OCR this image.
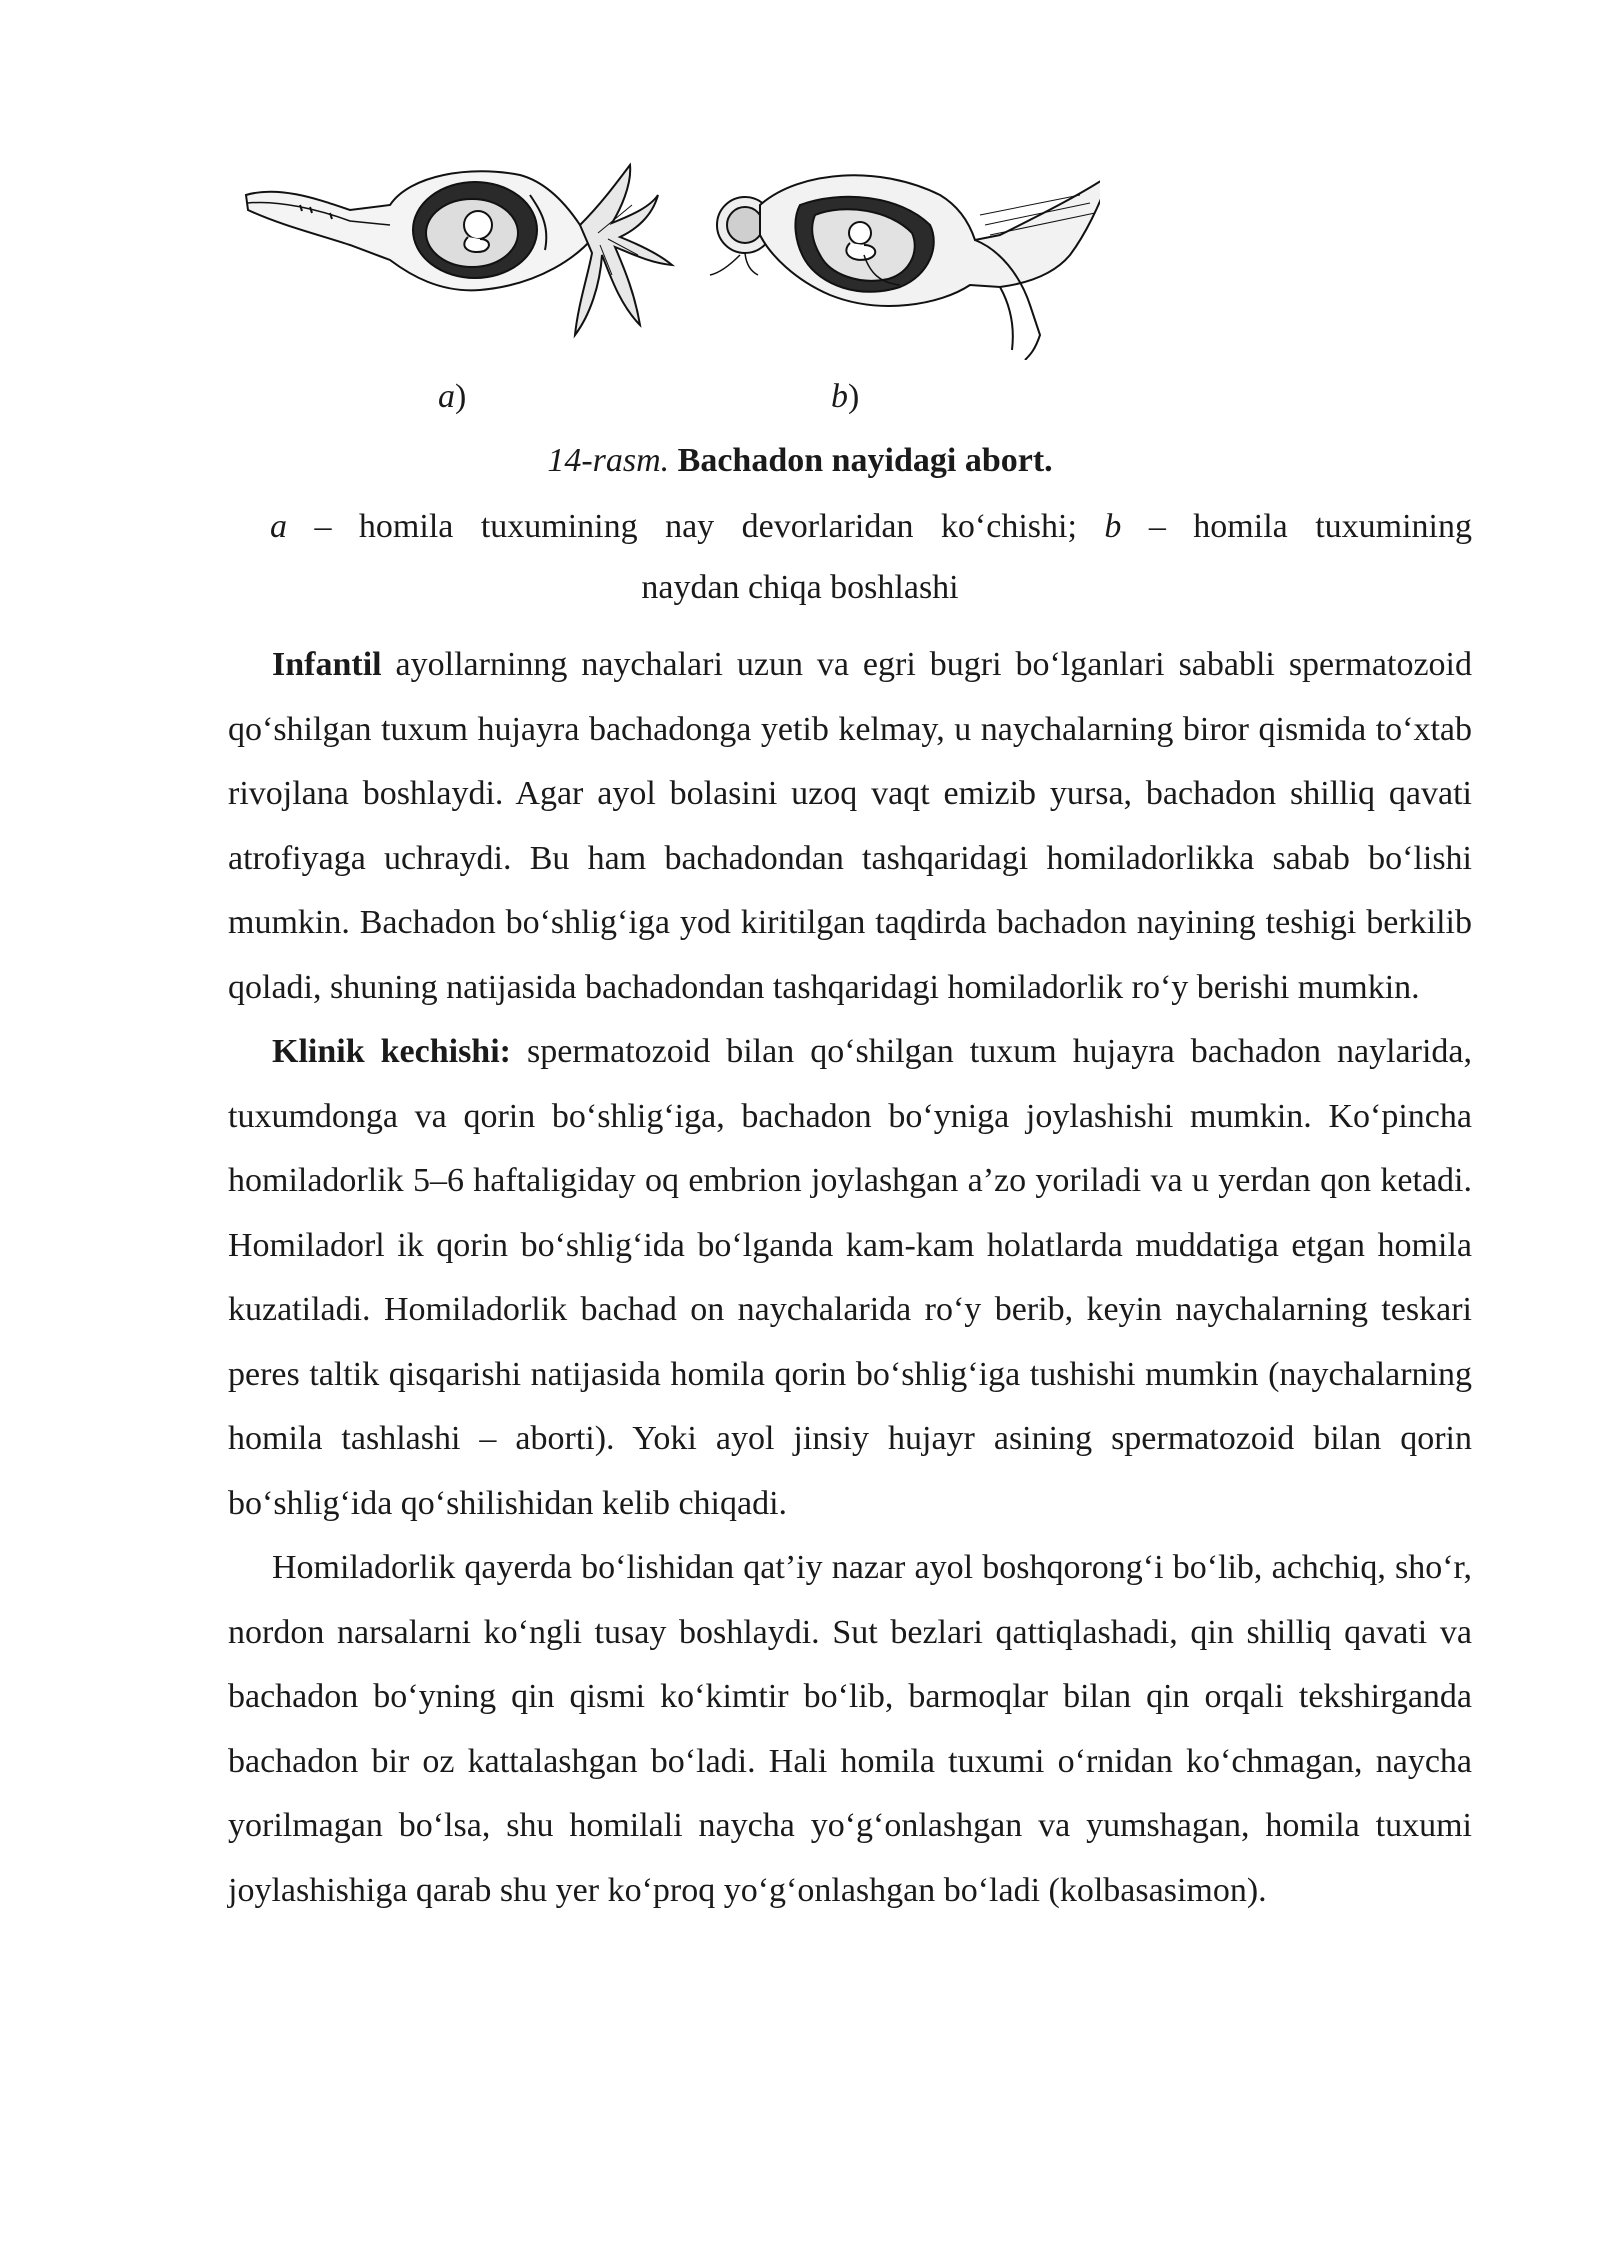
a)	b)
14-rasm. Bachadon nayidagi abort.
a – homila tuxumining nay devorlaridan ko‘chishi; b – homila tuxumining
naydan chiqa boshlashi

Infantil ayollarninng naychalari uzun va egri bugri bo‘lganlari sababli spermatozoid qo‘shilgan tuxum hujayra bachadonga yetib kelmay, u naychalarning biror qismida to‘xtab rivojlana boshlaydi. Agar ayol bolasini uzoq vaqt emizib yursa, bachadon shilliq qavati atrofiyaga uchraydi. Bu ham bachadondan tashqaridagi homiladorlikka sabab bo‘lishi mumkin. Bachadon bo‘shlig‘iga yod kiritilgan taqdirda bachadon nayining teshigi berkilib qoladi, shuning natijasida bachadondan tashqaridagi homiladorlik ro‘y berishi mumkin.

Klinik kechishi: spermatozoid bilan qo‘shilgan tuxum hujayra bachadon naylarida, tuxumdonga va qorin bo‘shlig‘iga, bachadon bo‘yniga joylashishi mumkin. Ko‘pincha homiladorlik 5–6 haftaligiday oq embrion joylashgan a’zo yoriladi va u yerdan qon ketadi. Homiladorl ik qorin bo‘shlig‘ida bo‘lganda kam-kam holatlarda muddatiga etgan homila kuzatiladi. Homiladorlik bachad on naychalarida ro‘y berib, keyin naychalarning teskari peres taltik qisqarishi natijasida homila qorin bo‘shlig‘iga tushishi mumkin (naychalarning homila tashlashi – aborti). Yoki ayol jinsiy hujayr asining spermatozoid bilan qorin bo‘shlig‘ida qo‘shilishidan kelib chiqadi.

Homiladorlik qayerda bo‘lishidan qat’iy nazar ayol boshqorong‘i bo‘lib, achchiq, sho‘r, nordon narsalarni ko‘ngli tusay boshlaydi. Sut bezlari qattiqlashadi, qin shilliq qavati va bachadon bo‘yning qin qismi ko‘kimtir bo‘lib, barmoqlar bilan qin orqali tekshirganda bachadon bir oz kattalashgan bo‘ladi. Hali homila tuxumi o‘rnidan ko‘chmagan, naycha yorilmagan bo‘lsa, shu homilali naycha yo‘g‘onlashgan va yumshagan, homila tuxumi joylashishiga qarab shu yer ko‘proq yo‘g‘onlashgan bo‘ladi (kolbasasimon).
